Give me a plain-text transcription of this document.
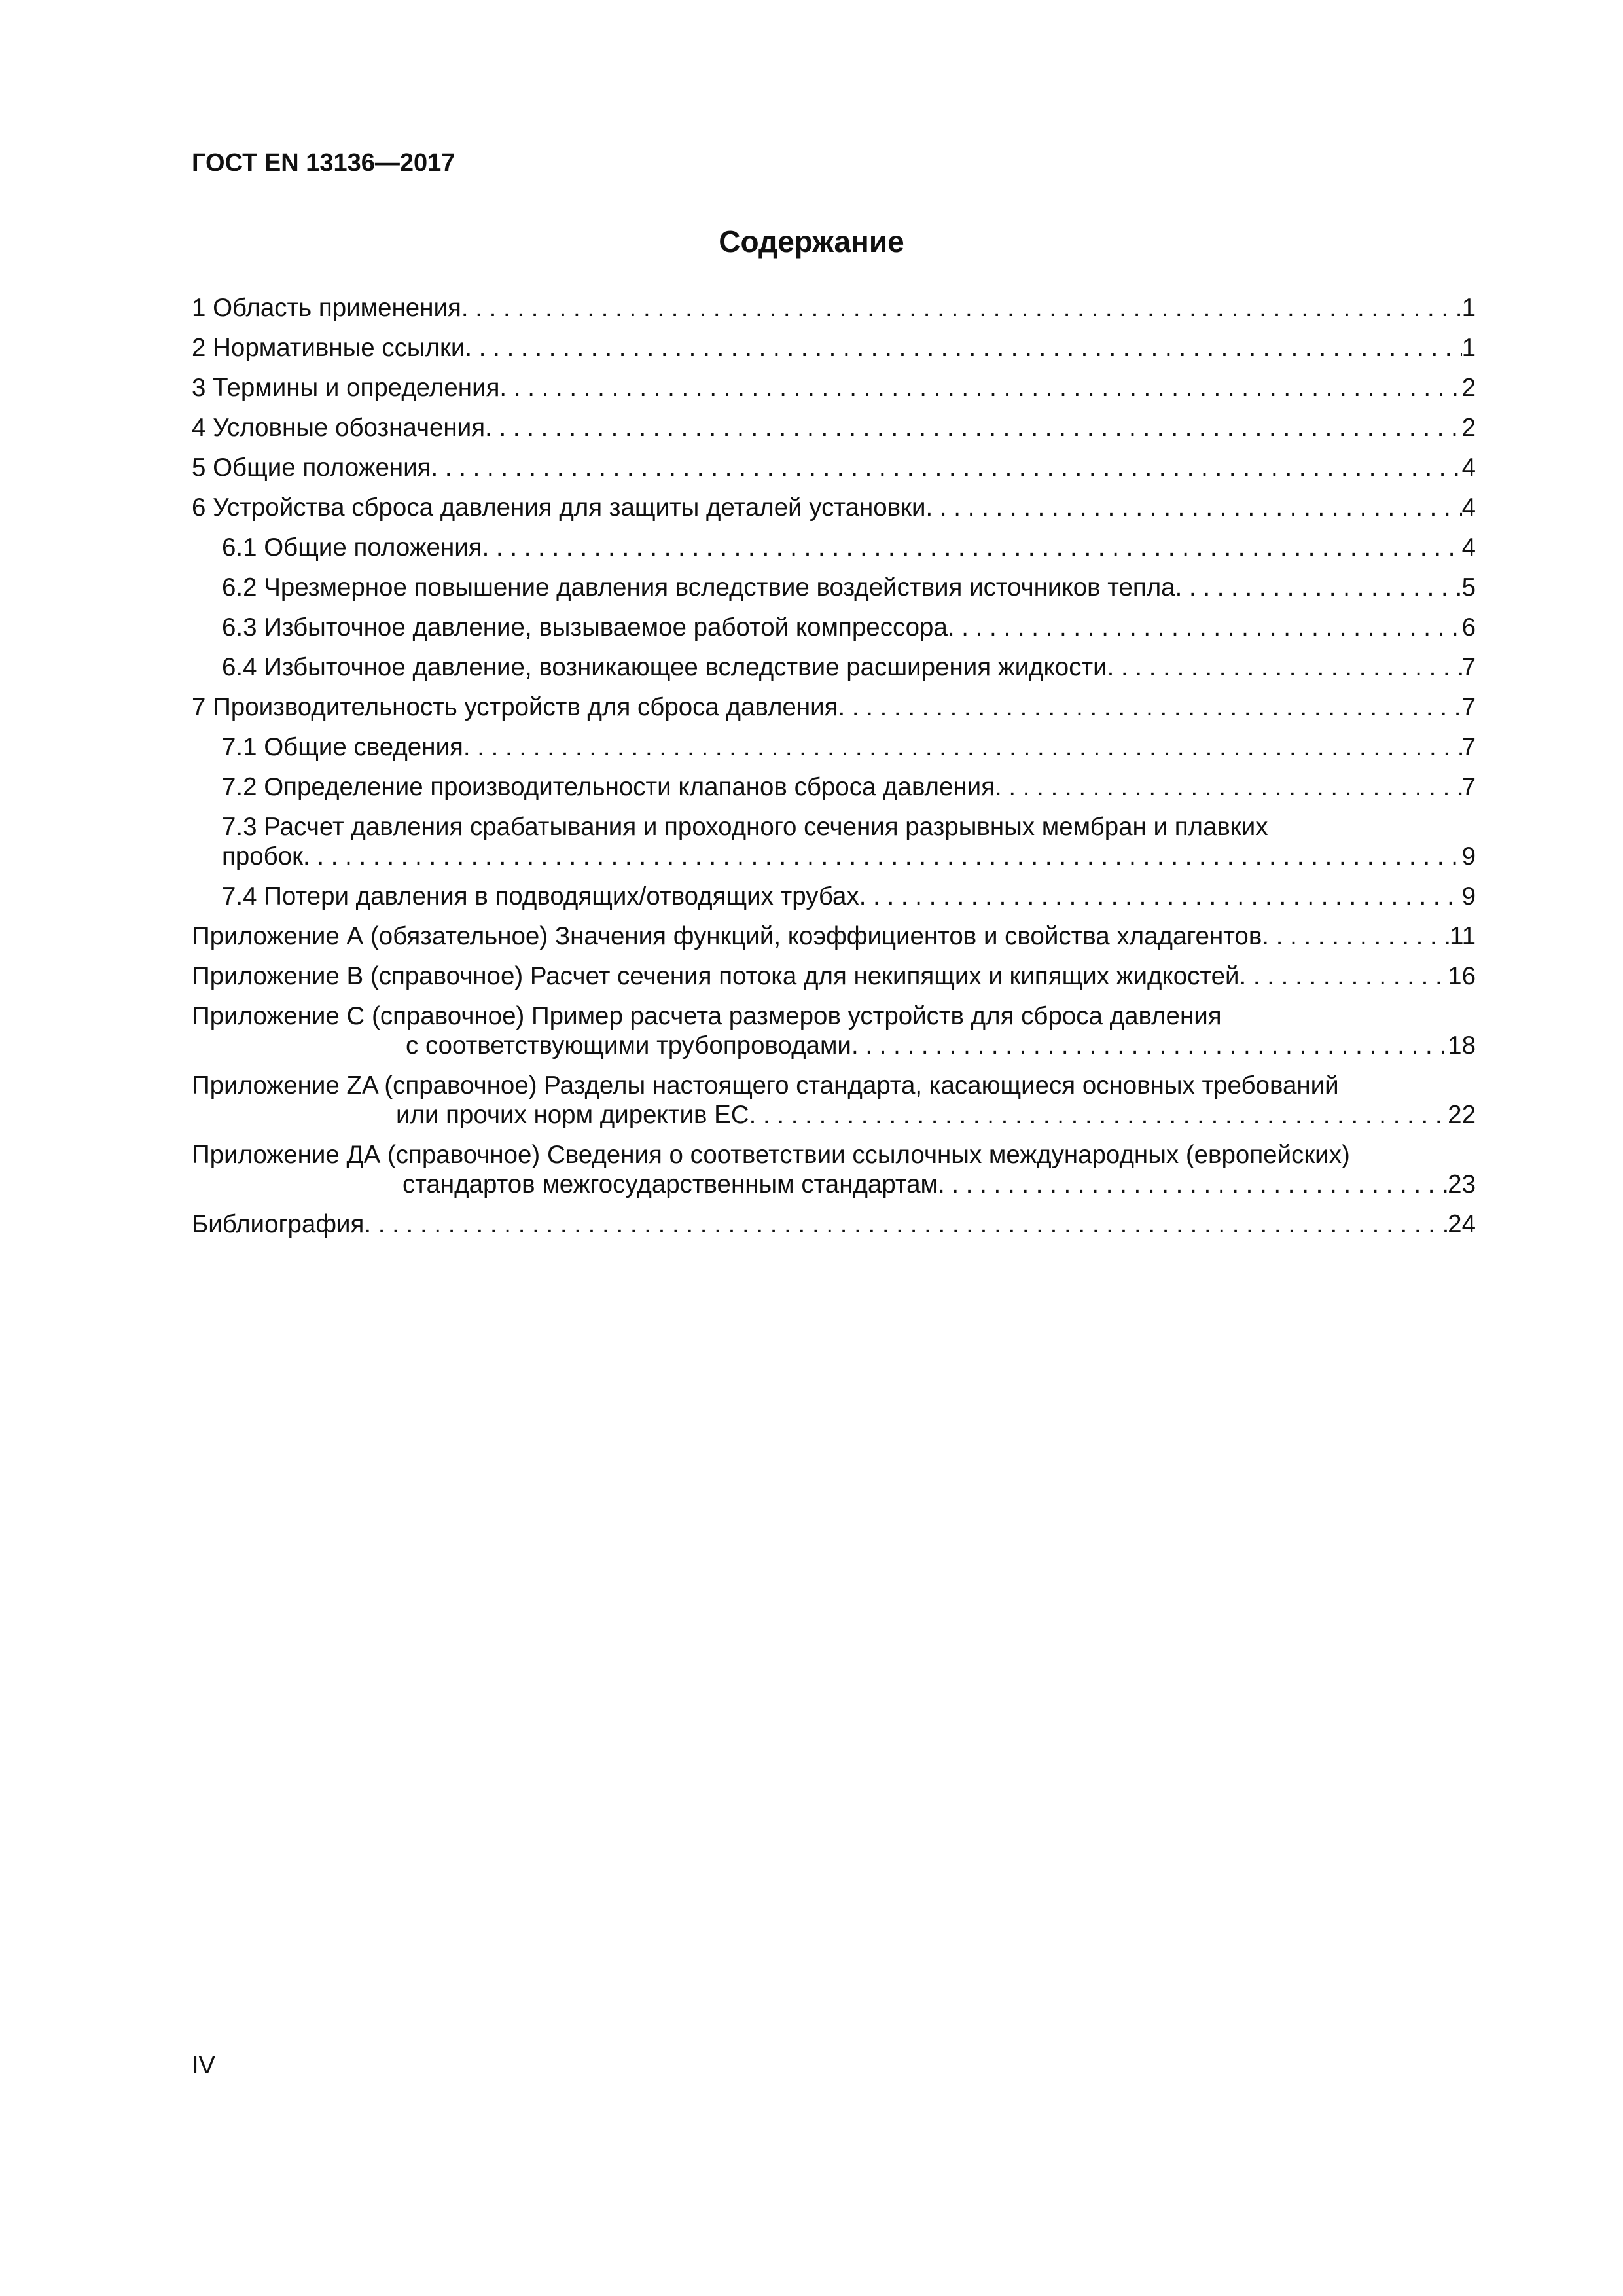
ГОСТ EN 13136—2017
Содержание
1 Область применения . . .	1
2 Нормативные ссылки . . .	1
3 Термины и определения . . .	2
4 Условные обозначения . . .	2
5 Общие положения . . .	4
6 Устройства сброса давления для защиты деталей установки . . .	4
6.1 Общие положения . . .	4
6.2 Чрезмерное повышение давления вследствие воздействия источников тепла . . .	5
6.3 Избыточное давление, вызываемое работой компрессора . . .	6
6.4 Избыточное давление, возникающее вследствие расширения жидкости . . .	7
7 Производительность устройств для сброса давления . . .	7
7.1 Общие сведения . . .	7
7.2 Определение производительности клапанов сброса давления . . .	7
7.3 Расчет давления срабатывания и проходного сечения разрывных мембран и плавких
пробок . . .	9
7.4 Потери давления в подводящих/отводящих трубах . . .	9
Приложение А (обязательное) Значения функций, коэффициентов и свойства хладагентов . . .	11
Приложение В (справочное) Расчет сечения потока для некипящих и кипящих жидкостей . . .	16
Приложение С (справочное) Пример расчета размеров устройств для сброса давления
с соответствующими трубопроводами . . .	18
Приложение ZA (справочное) Разделы настоящего стандарта, касающиеся основных требований
или прочих норм директив ЕС . . .	22
Приложение ДА (справочное) Сведения о соответствии ссылочных международных (европейских)
стандартов межгосударственным стандартам . . .	23
Библиография . . .	24
IV
